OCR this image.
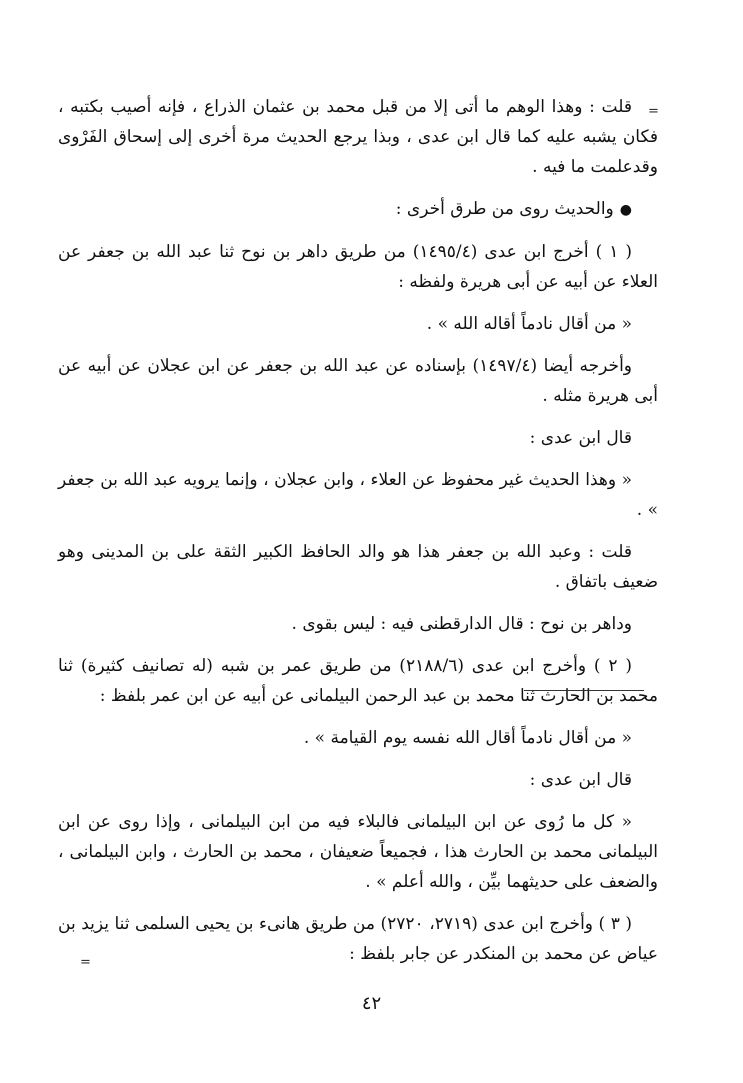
=

قلت : وهذا الوهم ما أتى إلا من قبل محمد بن عثمان الذراع ، فإنه أصيب بكتبه ، فكان يشبه عليه كما قال ابن عدى ، وبذا يرجع الحديث مرة أخرى إلى إسحاق الفَرْوى وقدعلمت ما فيه .

●والحديث روى من طرق أخرى :

( ١ ) أخرج ابن عدى (١٤٩٥/٤) من طريق داهر بن نوح ثنا عبد الله بن جعفر عن العلاء عن أبيه عن أبى هريرة ولفظه :

« من أقال نادماً أقاله الله » .

وأخرجه أيضا (١٤٩٧/٤) بإسناده عن عبد الله بن جعفر عن ابن عجلان عن أبيه عن أبى هريرة مثله .

قال ابن عدى :

« وهذا الحديث غير محفوظ عن العلاء ، وابن عجلان ، وإنما يرويه عبد الله بن جعفر » .

قلت : وعبد الله بن جعفر هذا هو والد الحافظ الكبير الثقة على بن المدينى وهو ضعيف باتفاق .

وداهر بن نوح : قال الدارقطنى فيه : ليس بقوى .

( ٢ ) وأخرج ابن عدى (٢١٨٨/٦) من طريق عمر بن شبه (له تصانيف كثيرة) ثنا محمد بن الحارث ثنا محمد بن عبد الرحمن البيلمانى عن أبيه عن ابن عمر بلفظ :

« من أقال نادماً أقال الله نفسه يوم القيامة » .

قال ابن عدى :

« كل ما رُوى عن ابن البيلمانى فالبلاء فيه من ابن البيلمانى ، وإذا روى عن ابن البيلمانى محمد بن الحارث هذا ، فجميعاً ضعيفان ، محمد بن الحارث ، وابن البيلمانى ، والضعف على حديثهما بيِّن ، والله أعلم » .

( ٣ ) وأخرج ابن عدى (٢٧١٩، ٢٧٢٠) من طريق هانىء بن يحيى السلمى ثنا يزيد بن عياض عن محمد بن المنكدر عن جابر بلفظ :

=
٤٢
